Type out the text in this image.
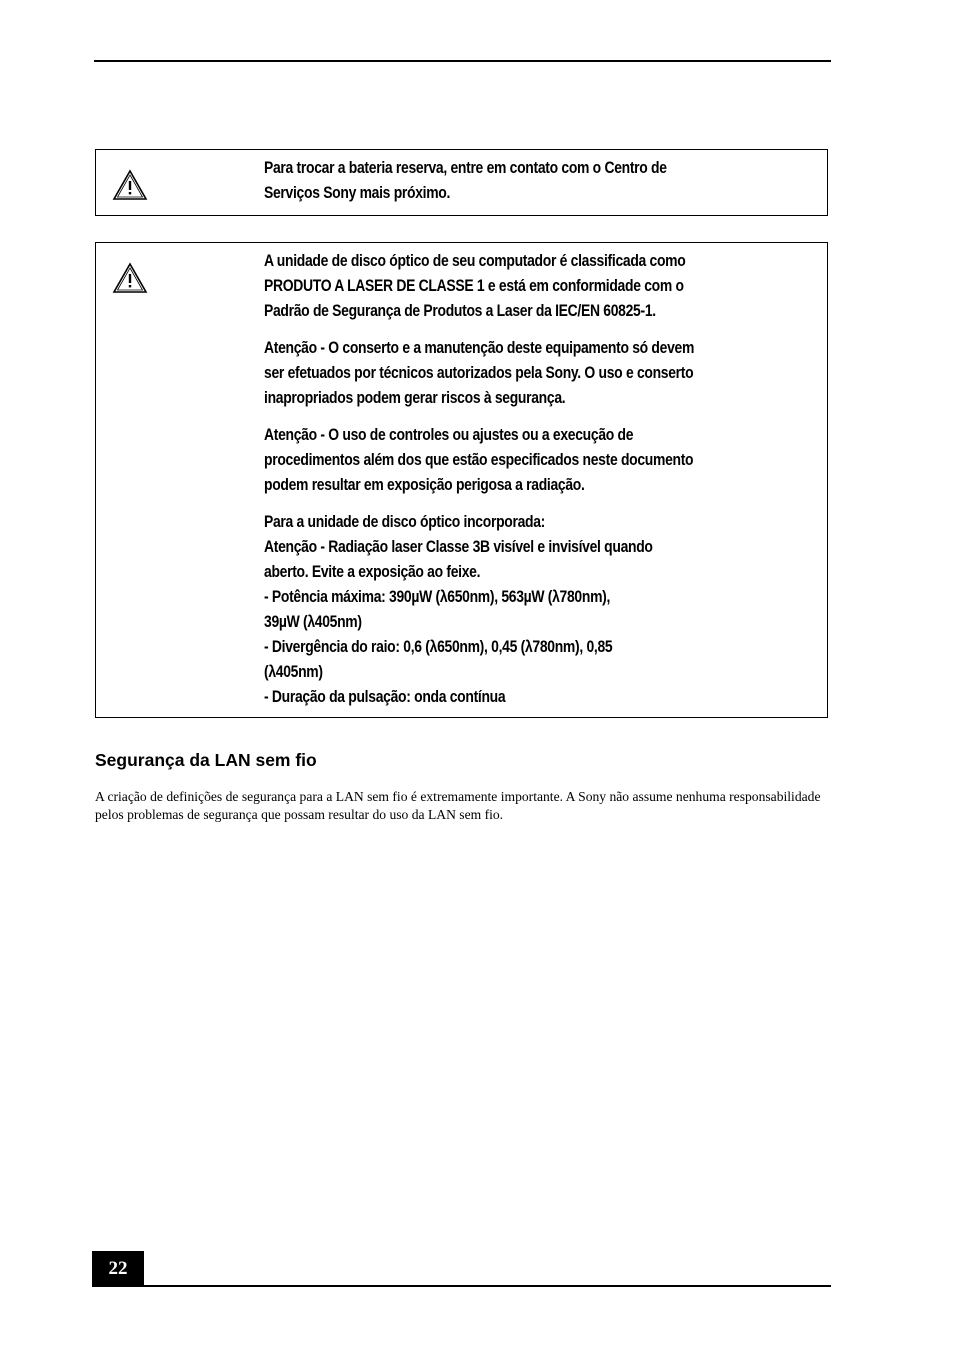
Para trocar a bateria reserva, entre em contato com o Centro de

Serviços Sony mais próximo.

A unidade de disco óptico de seu computador é classificada como

PRODUTO A LASER DE CLASSE 1 e está em conformidade com o

Padrão de Segurança de Produtos a Laser da IEC/EN 60825-1.

Atenção - O conserto e a manutenção deste equipamento só devem

ser efetuados por técnicos autorizados pela Sony. O uso e conserto

inapropriados podem gerar riscos à segurança.

Atenção - O uso de controles ou ajustes ou a execução de

procedimentos além dos que estão especificados neste documento

podem resultar em exposição perigosa a radiação.

Para a unidade de disco óptico incorporada:

Atenção - Radiação laser Classe 3B visível e invisível quando

aberto. Evite a exposição ao feixe.

- Potência máxima: 390µW (λ650nm), 563µW (λ780nm),

39µW (λ405nm)

- Divergência do raio: 0,6 (λ650nm), 0,45 (λ780nm), 0,85

(λ405nm)

- Duração da pulsação: onda contínua

Segurança da LAN sem fio

A criação de definições de segurança para a LAN sem fio é extremamente importante. A Sony não assume nenhuma responsabilidade pelos problemas de segurança que possam resultar do uso da LAN sem fio.

22
